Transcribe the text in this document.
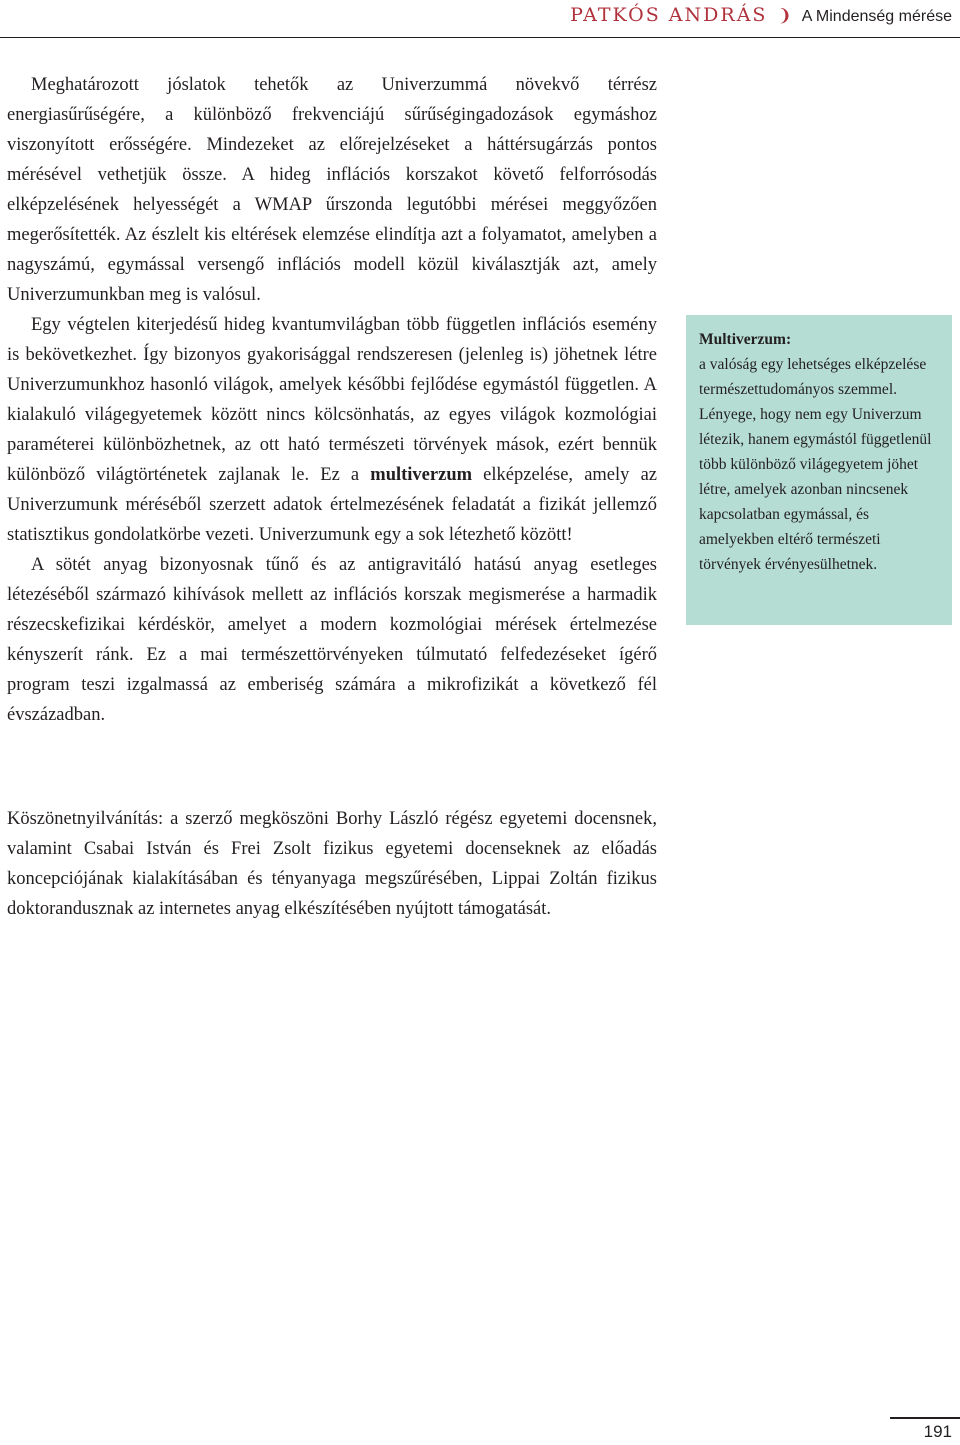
PATKÓS ANDRÁS ❩ A Mindenség mérése

Meghatározott jóslatok tehetők az Univerzummá növekvő térrész energiasűrűségére, a különböző frekvenciájú sűrűségingadozások egymáshoz viszonyított erősségére. Mindezeket az előrejelzéseket a háttérsugárzás pontos mérésével vethetjük össze. A hideg inflációs korszakot követő felforrósodás elképzelésének helyességét a WMAP űrszonda legutóbbi mérései meggyőzően megerősítették. Az észlelt kis eltérések elemzése elindítja azt a folyamatot, amelyben a nagyszámú, egymással versengő inflációs modell közül kiválasztják azt, amely Univerzumunkban meg is valósul.

Egy végtelen kiterjedésű hideg kvantumvilágban több független inflációs esemény is bekövetkezhet. Így bizonyos gyakorisággal rendszeresen (jelenleg is) jöhetnek létre Univerzumunkhoz hasonló világok, amelyek későbbi fejlődése egymástól független. A kialakuló világegyetemek között nincs kölcsönhatás, az egyes világok kozmológiai paraméterei különbözhetnek, az ott ható természeti törvények mások, ezért bennük különböző világtörténetek zajlanak le. Ez a multiverzum elképzelése, amely az Univerzumunk méréséből szerzett adatok értelmezésének feladatát a fizikát jellemző statisztikus gondolatkörbe vezeti. Univerzumunk egy a sok létezhető között!

A sötét anyag bizonyosnak tűnő és az antigravitáló hatású anyag esetleges létezéséből származó kihívások mellett az inflációs korszak megismerése a harmadik részecskefizikai kérdéskör, amelyet a modern kozmológiai mérések értelmezése kényszerít ránk. Ez a mai természettörvényeken túlmutató felfedezéseket ígérő program teszi izgalmassá az emberiség számára a mikrofizikát a következő fél évszázadban.

Köszönetnyilvánítás: a szerző megköszöni Borhy László régész egyetemi docensnek, valamint Csabai István és Frei Zsolt fizikus egyetemi docenseknek az előadás koncepciójának kialakításában és tényanyaga megszűrésében, Lippai Zoltán fizikus doktorandusznak az internetes anyag elkészítésében nyújtott támogatását.

Multiverzum:
a valóság egy lehetséges elképzelése természettudományos szemmel. Lényege, hogy nem egy Univerzum létezik, hanem egymástól függetlenül több különböző világegyetem jöhet létre, amelyek azonban nincsenek kapcsolatban egymással, és amelyekben eltérő természeti törvények érvényesülhetnek.
191
